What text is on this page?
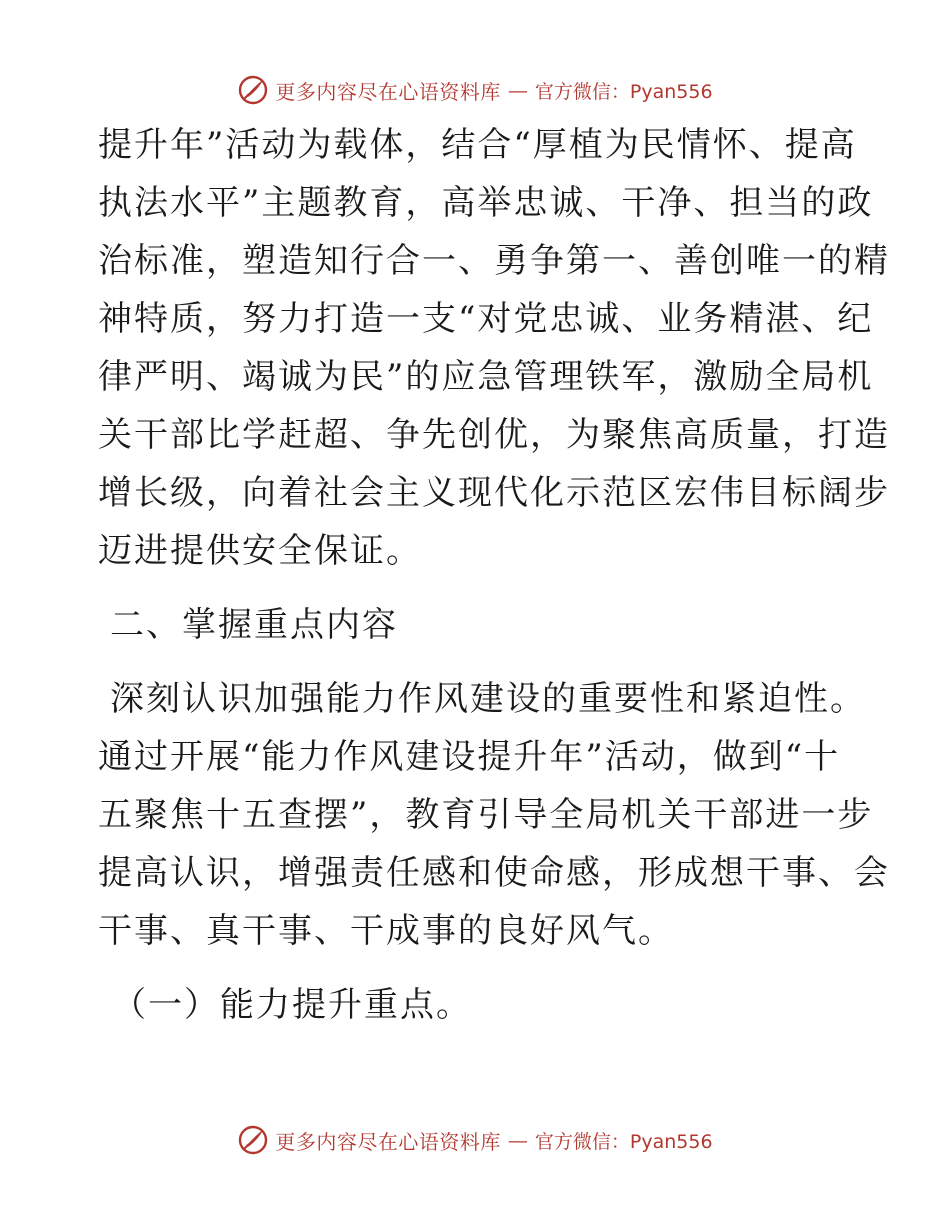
更多内容尽在心语资料库 — 官方微信：Pyan556

提升年”活动为载体，结合“厚植为民情怀、提高

执法水平”主题教育，高举忠诚、干净、担当的政

治标准，塑造知行合一、勇争第一、善创唯一的精

神特质，努力打造一支“对党忠诚、业务精湛、纪

律严明、竭诚为民”的应急管理铁军，激励全局机

关干部比学赶超、争先创优，为聚焦高质量，打造

增长级，向着社会主义现代化示范区宏伟目标阔步

迈进提供安全保证。

二、掌握重点内容

深刻认识加强能力作风建设的重要性和紧迫性。

通过开展“能力作风建设提升年”活动，做到“十

五聚焦十五查摆”，教育引导全局机关干部进一步

提高认识，增强责任感和使命感，形成想干事、会

干事、真干事、干成事的良好风气。

（一）能力提升重点。

更多内容尽在心语资料库 — 官方微信：Pyan556
